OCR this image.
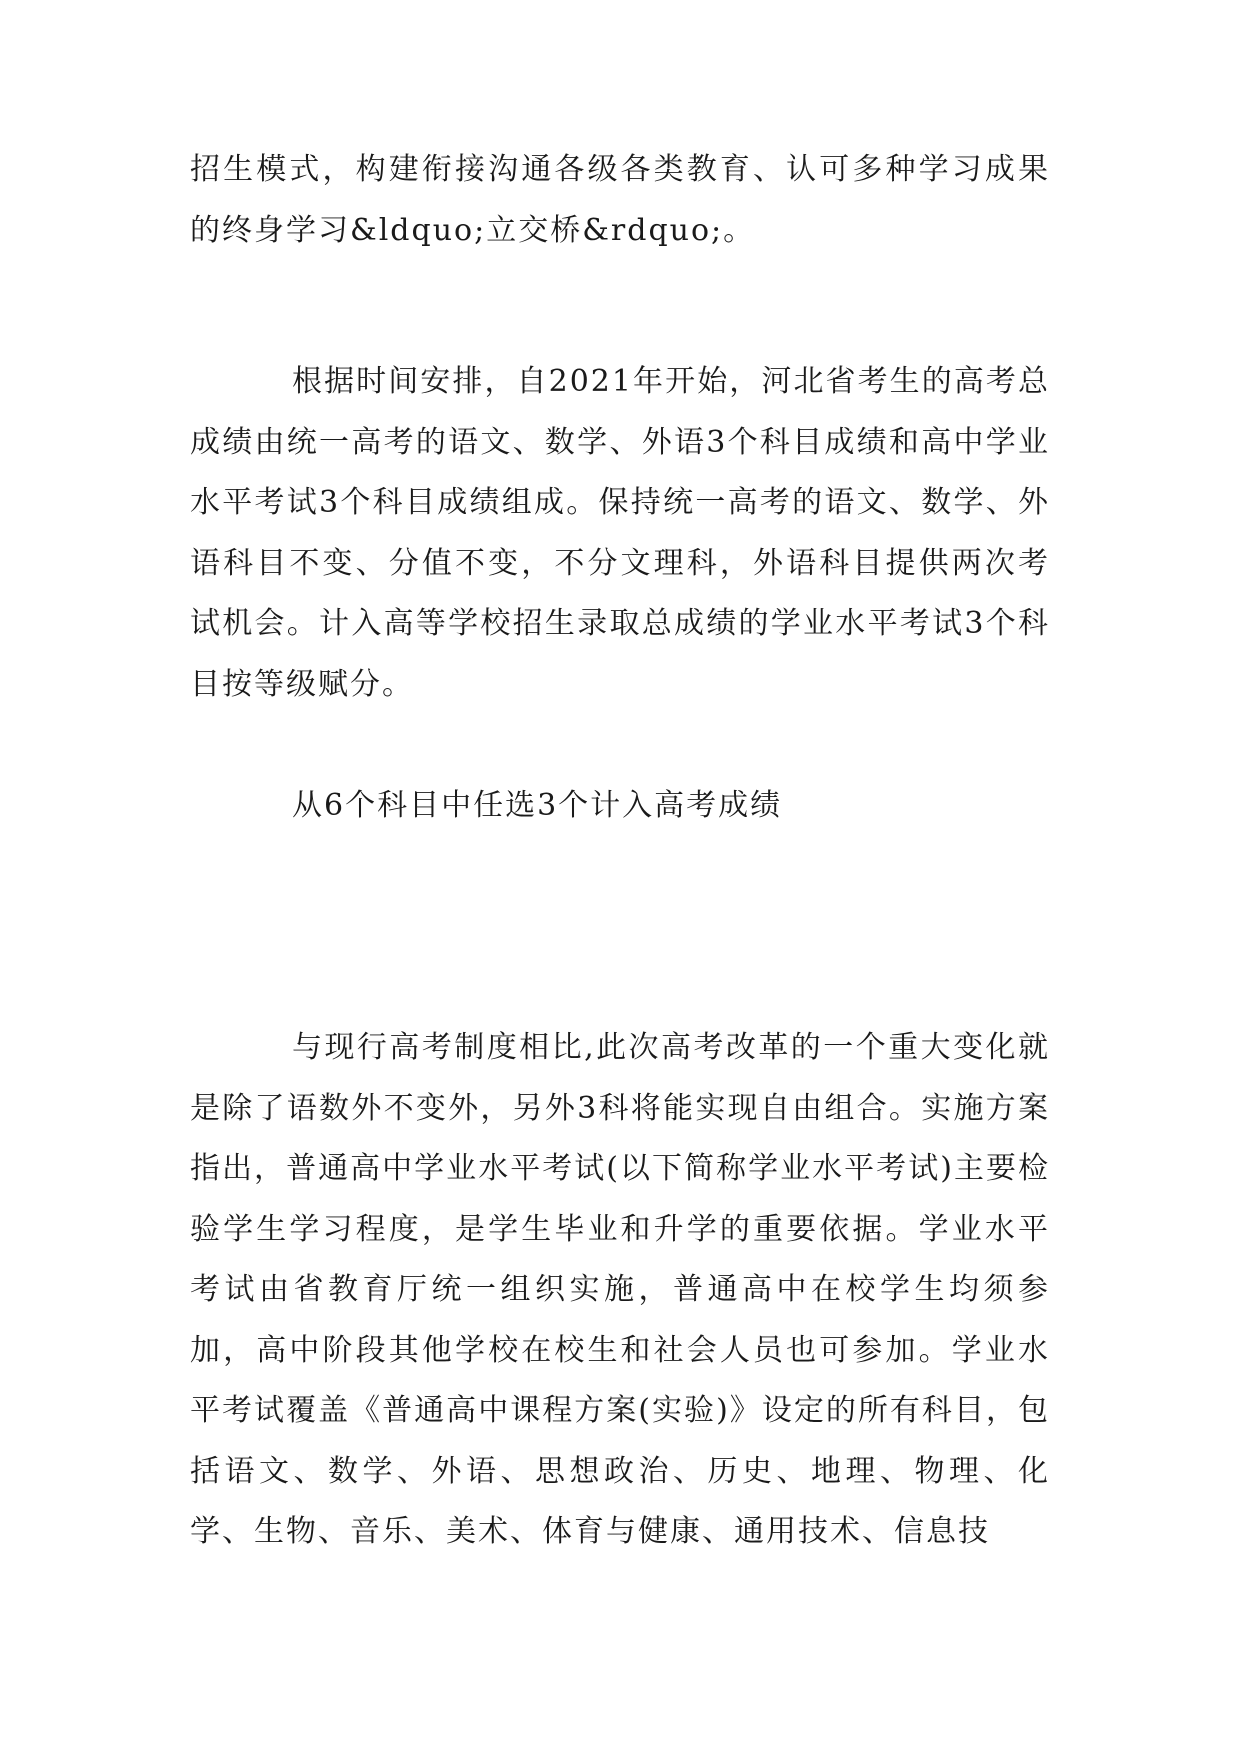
招生模式，构建衔接沟通各级各类教育、认可多种学习成果的终身学习&ldquo;立交桥&rdquo;。

根据时间安排，自2021年开始，河北省考生的高考总成绩由统一高考的语文、数学、外语3个科目成绩和高中学业水平考试3个科目成绩组成。保持统一高考的语文、数学、外语科目不变、分值不变，不分文理科，外语科目提供两次考试机会。计入高等学校招生录取总成绩的学业水平考试3个科目按等级赋分。

从6个科目中任选3个计入高考成绩

与现行高考制度相比,此次高考改革的一个重大变化就是除了语数外不变外，另外3科将能实现自由组合。实施方案指出，普通高中学业水平考试(以下简称学业水平考试)主要检验学生学习程度，是学生毕业和升学的重要依据。学业水平考试由省教育厅统一组织实施，普通高中在校学生均须参加，高中阶段其他学校在校生和社会人员也可参加。学业水平考试覆盖《普通高中课程方案(实验)》设定的所有科目，包括语文、数学、外语、思想政治、历史、地理、物理、化学、生物、音乐、美术、体育与健康、通用技术、信息技
